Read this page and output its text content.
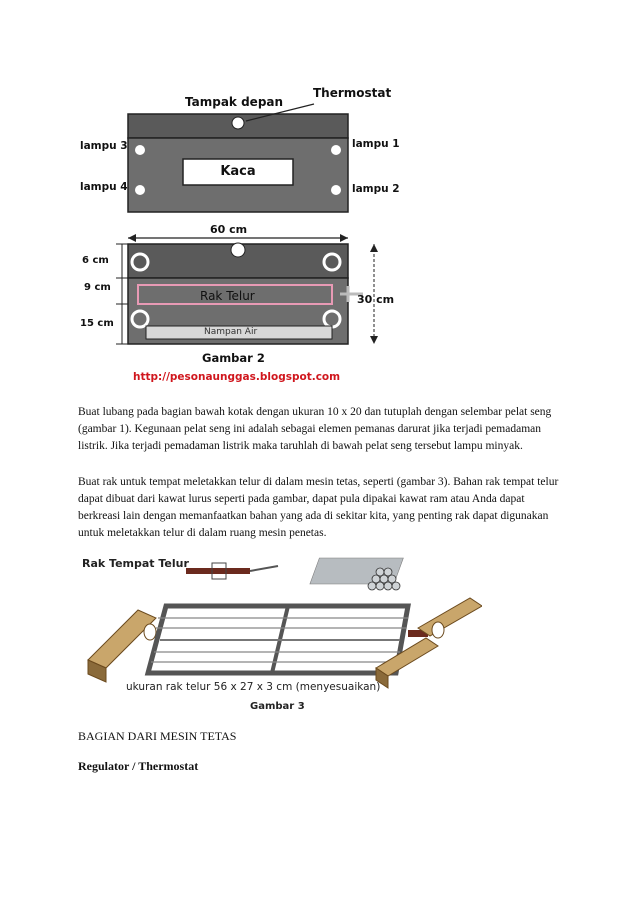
Tampak depan
Thermostat
lampu 3	lampu 1
lampu 4	lampu 2
Kaca
60 cm
6 cm
9 cm
15 cm
30 cm
Rak Telur
Nampan Air
Gambar 2
http://pesonaunggas.blogspot.com
Buat lubang pada bagian bawah kotak dengan ukuran 10 x 20 dan tutuplah dengan selembar pelat seng (gambar 1). Kegunaan pelat seng ini adalah sebagai elemen pemanas darurat jika terjadi pemadaman listrik. Jika terjadi pemadaman listrik maka taruhlah di bawah pelat seng tersebut lampu minyak.
Buat rak untuk tempat meletakkan telur di dalam mesin tetas, seperti (gambar 3). Bahan rak tempat telur dapat dibuat dari kawat lurus seperti pada gambar, dapat pula dipakai kawat ram atau Anda dapat berkreasi lain dengan memanfaatkan bahan yang ada di sekitar kita, yang penting rak dapat digunakan untuk meletakkan telur di dalam ruang mesin penetas.
Rak Tempat Telur
ukuran rak telur 56 x 27 x 3 cm (menyesuaikan)
Gambar 3
BAGIAN DARI MESIN TETAS
Regulator / Thermostat
